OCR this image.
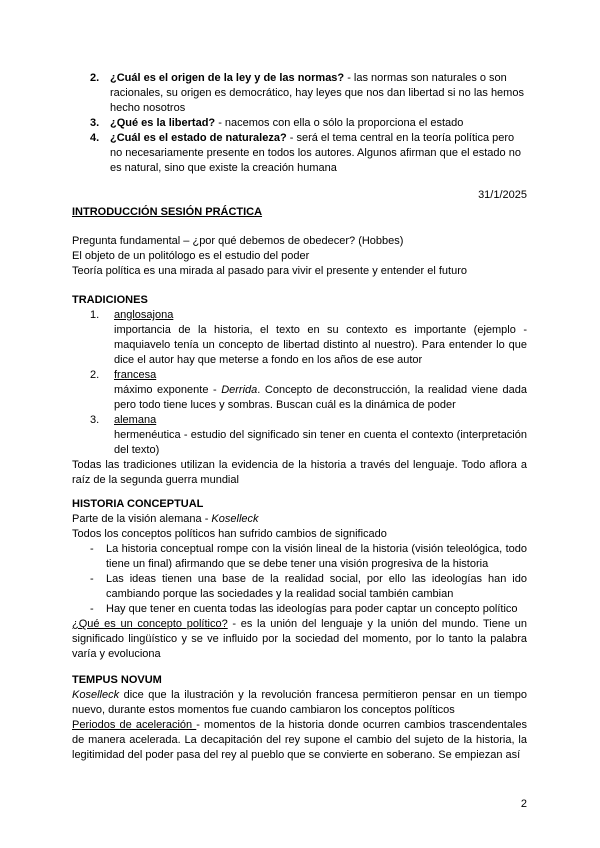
2. ¿Cuál es el origen de la ley y de las normas? - las normas son naturales o son racionales, su origen es democrático, hay leyes que nos dan libertad si no las hemos hecho nosotros
3. ¿Qué es la libertad? - nacemos con ella o sólo la proporciona el estado
4. ¿Cuál es el estado de naturaleza? - será el tema central en la teoría política pero no necesariamente presente en todos los autores. Algunos afirman que el estado no es natural, sino que existe la creación humana
31/1/2025
INTRODUCCIÓN SESIÓN PRÁCTICA
Pregunta fundamental – ¿por qué debemos de obedecer? (Hobbes)
El objeto de un politólogo es el estudio del poder
Teoría política es una mirada al pasado para vivir el presente y entender el futuro
TRADICIONES
1. anglosajona
importancia de la historia, el texto en su contexto es importante (ejemplo - maquiavelo tenía un concepto de libertad distinto al nuestro). Para entender lo que dice el autor hay que meterse a fondo en los años de ese autor
2. francesa
máximo exponente - Derrida. Concepto de deconstrucción, la realidad viene dada pero todo tiene luces y sombras. Buscan cuál es la dinámica de poder
3. alemana
hermenéutica - estudio del significado sin tener en cuenta el contexto (interpretación del texto)
Todas las tradiciones utilizan la evidencia de la historia a través del lenguaje. Todo aflora a raíz de la segunda guerra mundial
HISTORIA CONCEPTUAL
Parte de la visión alemana - Koselleck
Todos los conceptos políticos han sufrido cambios de significado
- La historia conceptual rompe con la visión lineal de la historia (visión teleológica, todo tiene un final) afirmando que se debe tener una visión progresiva de la historia
- Las ideas tienen una base de la realidad social, por ello las ideologías han ido cambiando porque las sociedades y la realidad social también cambian
- Hay que tener en cuenta todas las ideologías para poder captar un concepto político
¿Qué es un concepto político? - es la unión del lenguaje y la unión del mundo. Tiene un significado lingüístico y se ve influido por la sociedad del momento, por lo tanto la palabra varía y evoluciona
TEMPUS NOVUM
Koselleck dice que la ilustración y la revolución francesa permitieron pensar en un tiempo nuevo, durante estos momentos fue cuando cambiaron los conceptos políticos
Periodos de aceleración - momentos de la historia donde ocurren cambios trascendentales de manera acelerada. La decapitación del rey supone el cambio del sujeto de la historia, la legitimidad del poder pasa del rey al pueblo que se convierte en soberano. Se empiezan así
2
